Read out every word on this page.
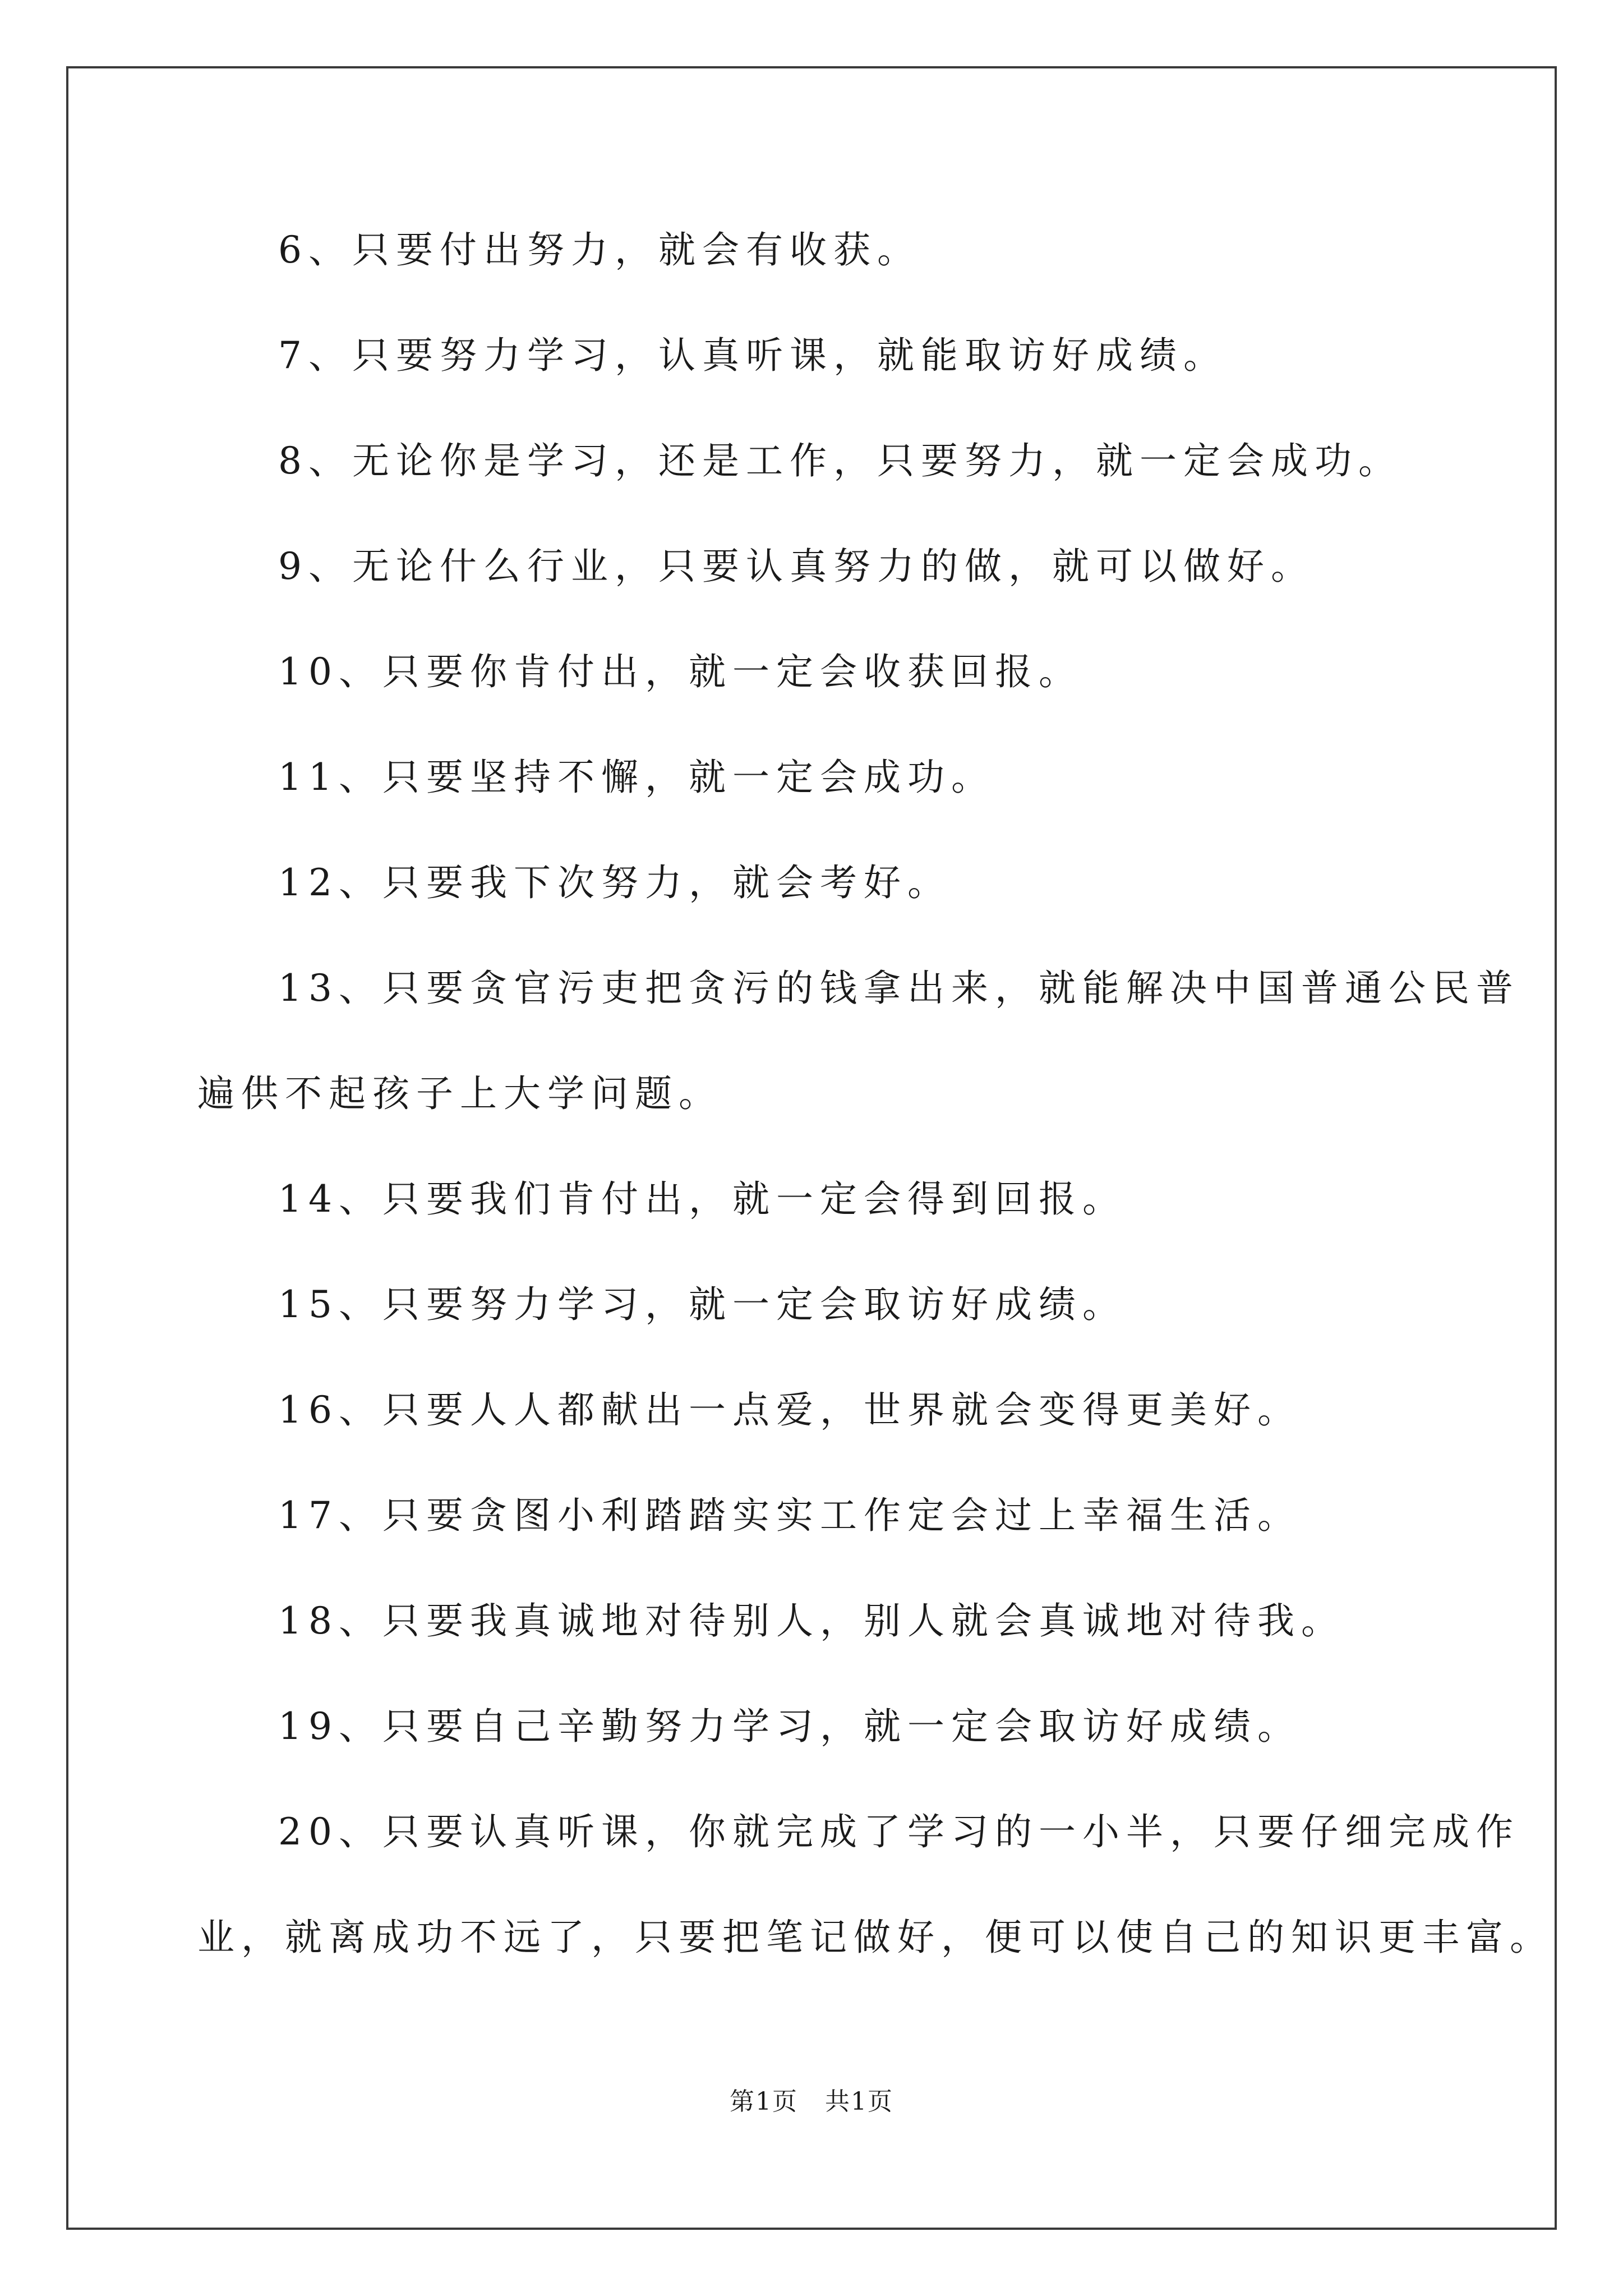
6、只要付出努力，就会有收获。

7、只要努力学习，认真听课，就能取访好成绩。

8、无论你是学习，还是工作，只要努力，就一定会成功。

9、无论什么行业，只要认真努力的做，就可以做好。

10、只要你肯付出，就一定会收获回报。

11、只要坚持不懈，就一定会成功。

12、只要我下次努力，就会考好。

13、只要贪官污吏把贪污的钱拿出来，就能解决中国普通公民普

遍供不起孩子上大学问题。

14、只要我们肯付出，就一定会得到回报。

15、只要努力学习，就一定会取访好成绩。

16、只要人人都献出一点爱，世界就会变得更美好。

17、只要贪图小利踏踏实实工作定会过上幸福生活。

18、只要我真诚地对待别人，别人就会真诚地对待我。

19、只要自己辛勤努力学习，就一定会取访好成绩。

20、只要认真听课，你就完成了学习的一小半，只要仔细完成作

业，就离成功不远了，只要把笔记做好，便可以使自己的知识更丰富。

第1页   共1页
